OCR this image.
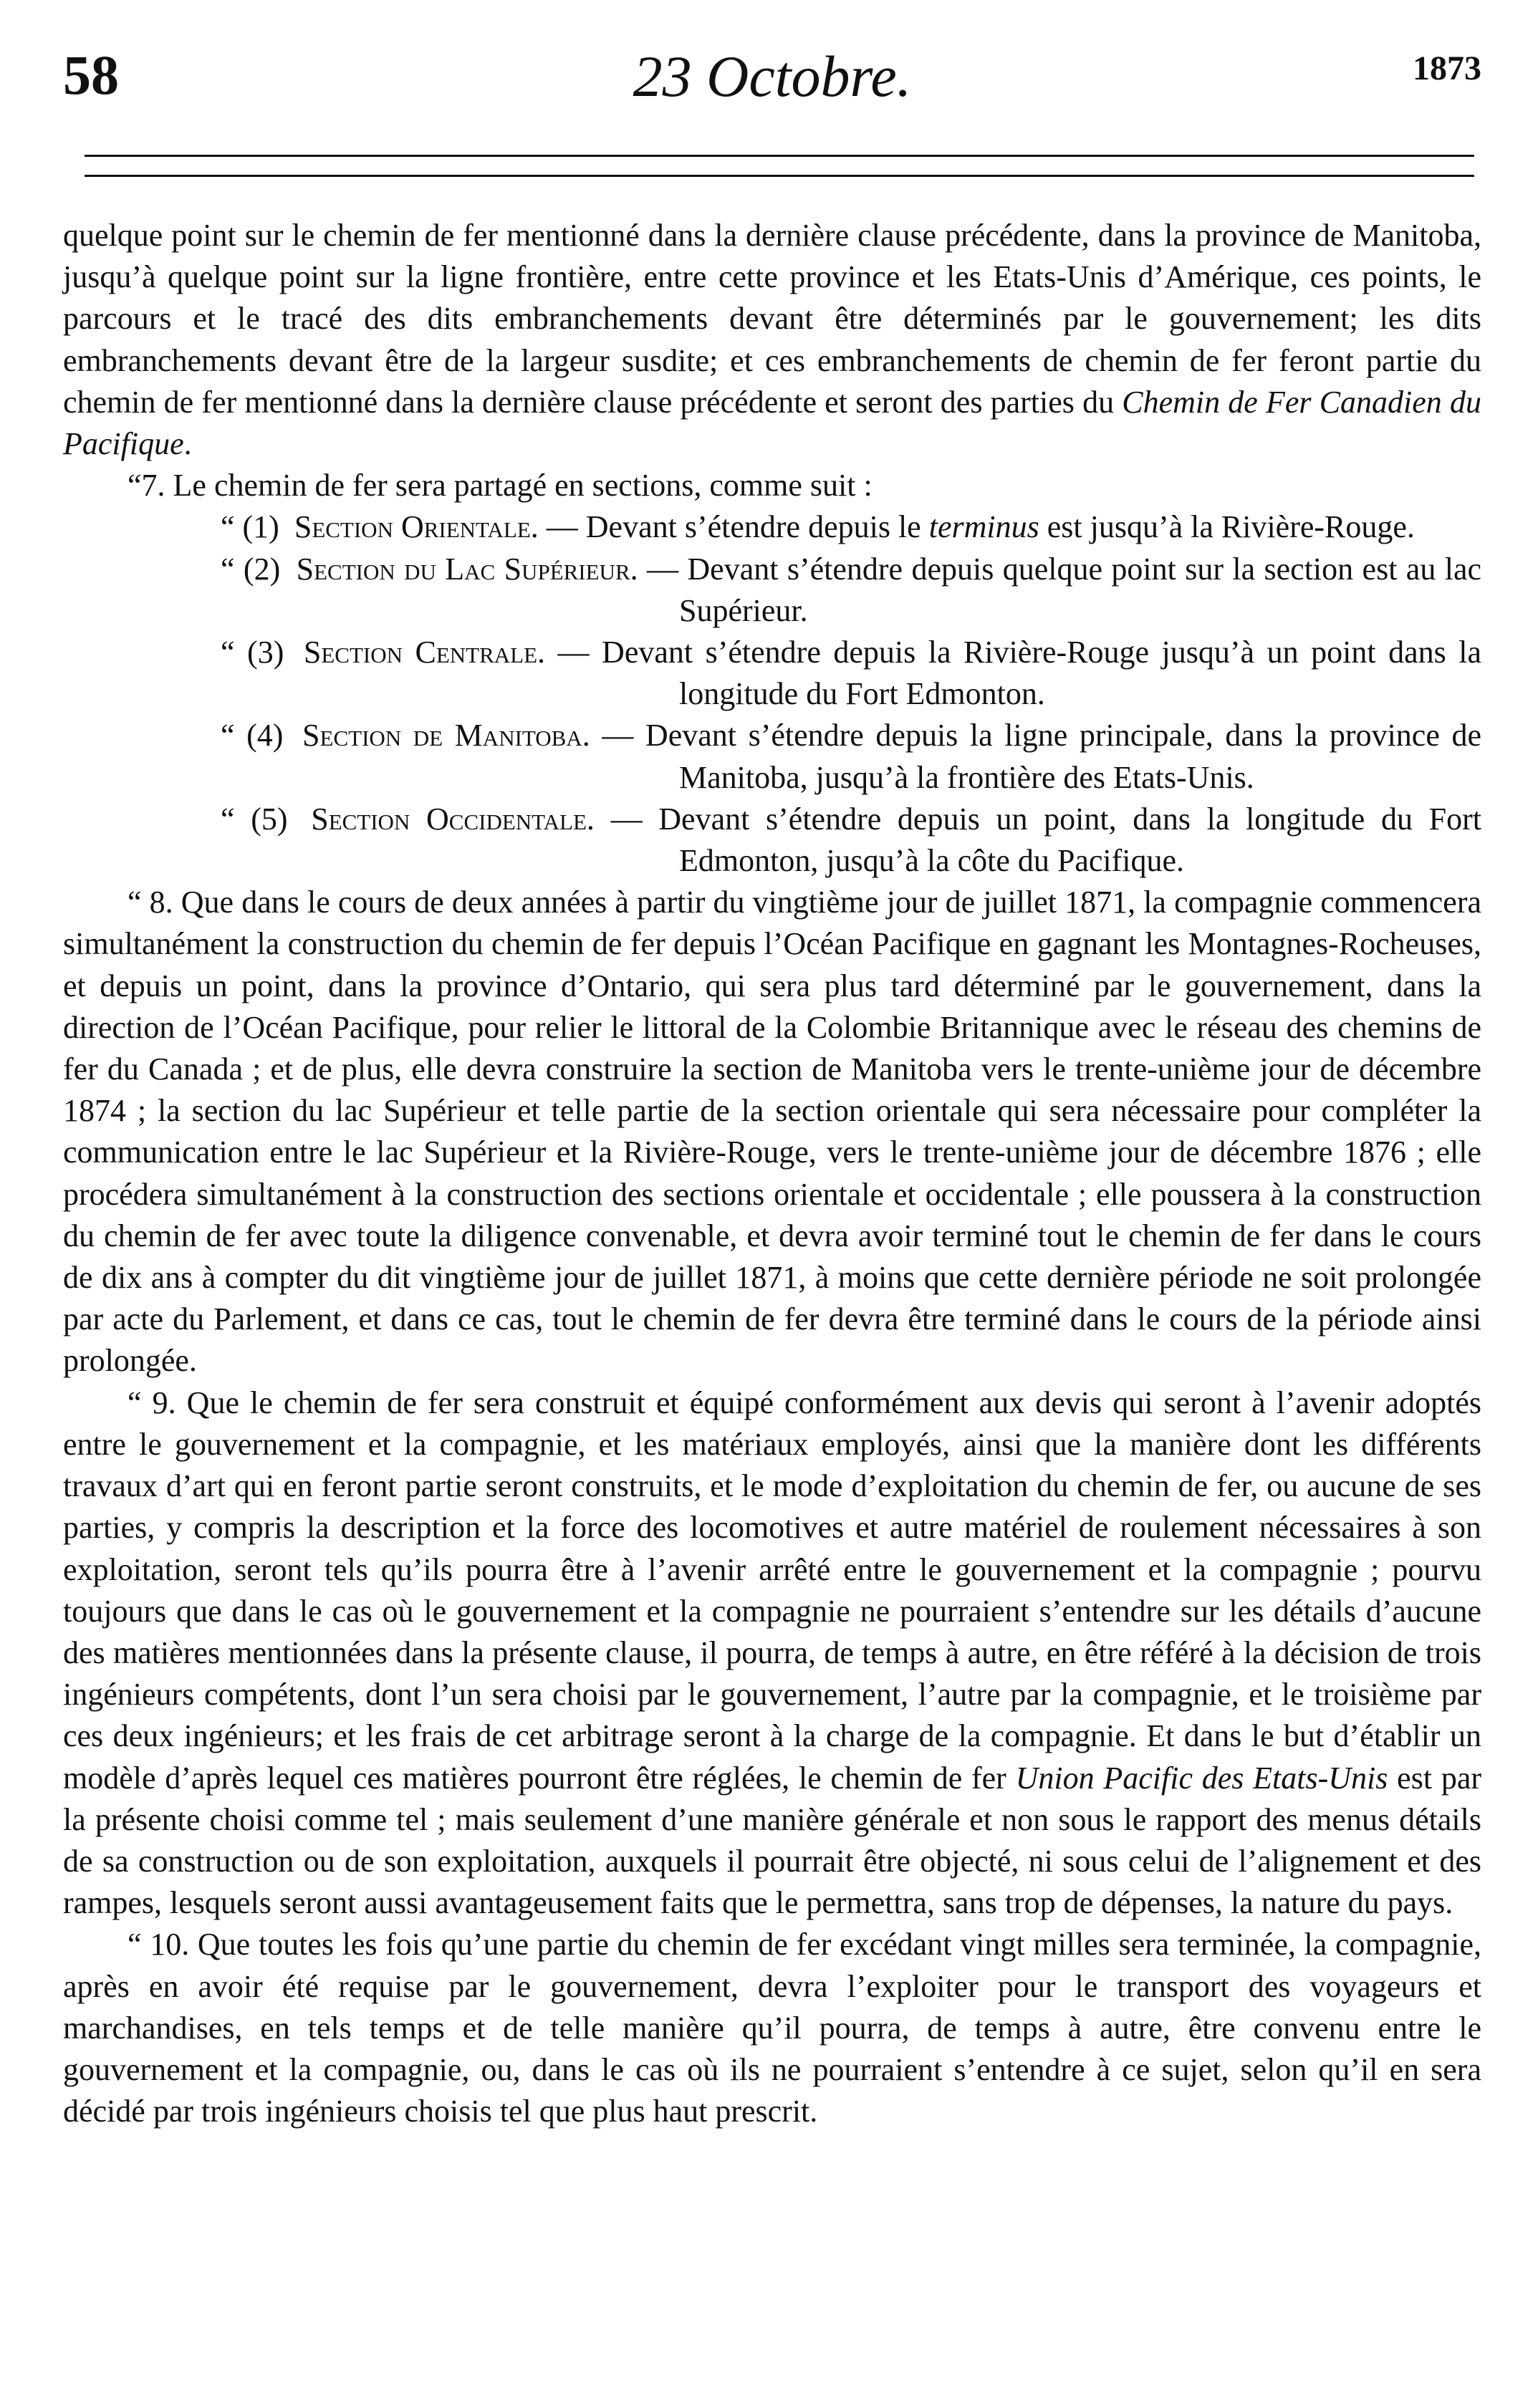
58	23 Octobre.	1873

quelque point sur le chemin de fer mentionné dans la dernière clause précédente, dans la province de Manitoba, jusqu’à quelque point sur la ligne frontière, entre cette province et les Etats-Unis d’Amérique, ces points, le parcours et le tracé des dits embranchements devant être déterminés par le gouvernement; les dits embranchements devant être de la largeur susdite; et ces embranchements de chemin de fer feront partie du chemin de fer mentionné dans la dernière clause précédente et seront des parties du Chemin de Fer Canadien du Pacifique.

“7. Le chemin de fer sera partagé en sections, comme suit :

“ (1) Section Orientale. — Devant s’étendre depuis le terminus est jusqu’à la Rivière-Rouge.

“ (2) Section du Lac Supérieur. — Devant s’étendre depuis quelque point sur la section est au lac Supérieur.

“ (3) Section Centrale. — Devant s’étendre depuis la Rivière-Rouge jusqu’à un point dans la longitude du Fort Edmonton.

“ (4) Section de Manitoba. — Devant s’étendre depuis la ligne principale, dans la province de Manitoba, jusqu’à la frontière des Etats-Unis.

“ (5) Section Occidentale. — Devant s’étendre depuis un point, dans la longitude du Fort Edmonton, jusqu’à la côte du Pacifique.

“ 8. Que dans le cours de deux années à partir du vingtième jour de juillet 1871, la compagnie commencera simultanément la construction du chemin de fer depuis l’Océan Pacifique en gagnant les Montagnes-Rocheuses, et depuis un point, dans la province d’Ontario, qui sera plus tard déterminé par le gouvernement, dans la direction de l’Océan Pacifique, pour relier le littoral de la Colombie Britannique avec le réseau des chemins de fer du Canada ; et de plus, elle devra construire la section de Manitoba vers le trente-unième jour de décembre 1874 ; la section du lac Supérieur et telle partie de la section orientale qui sera nécessaire pour compléter la communication entre le lac Supérieur et la Rivière-Rouge, vers le trente-unième jour de décembre 1876 ; elle procédera simultanément à la construction des sections orientale et occidentale ; elle poussera à la construction du chemin de fer avec toute la diligence convenable, et devra avoir terminé tout le chemin de fer dans le cours de dix ans à compter du dit vingtième jour de juillet 1871, à moins que cette dernière période ne soit prolongée par acte du Parlement, et dans ce cas, tout le chemin de fer devra être terminé dans le cours de la période ainsi prolongée.

“ 9. Que le chemin de fer sera construit et équipé conformément aux devis qui seront à l’avenir adoptés entre le gouvernement et la compagnie, et les matériaux employés, ainsi que la manière dont les différents travaux d’art qui en feront partie seront construits, et le mode d’exploitation du chemin de fer, ou aucune de ses parties, y compris la description et la force des locomotives et autre matériel de roulement nécessaires à son exploitation, seront tels qu’ils pourra être à l’avenir arrêté entre le gouvernement et la compagnie ; pourvu toujours que dans le cas où le gouvernement et la compagnie ne pourraient s’entendre sur les détails d’aucune des matières mentionnées dans la présente clause, il pourra, de temps à autre, en être référé à la décision de trois ingénieurs compétents, dont l’un sera choisi par le gouvernement, l’autre par la compagnie, et le troisième par ces deux ingénieurs; et les frais de cet arbitrage seront à la charge de la compagnie. Et dans le but d’établir un modèle d’après lequel ces matières pourront être réglées, le chemin de fer Union Pacific des Etats-Unis est par la présente choisi comme tel ; mais seulement d’une manière générale et non sous le rapport des menus détails de sa construction ou de son exploitation, auxquels il pourrait être objecté, ni sous celui de l’alignement et des rampes, lesquels seront aussi avantageusement faits que le permettra, sans trop de dépenses, la nature du pays.

“ 10. Que toutes les fois qu’une partie du chemin de fer excédant vingt milles sera terminée, la compagnie, après en avoir été requise par le gouvernement, devra l’exploiter pour le transport des voyageurs et marchandises, en tels temps et de telle manière qu’il pourra, de temps à autre, être convenu entre le gouvernement et la compagnie, ou, dans le cas où ils ne pourraient s’entendre à ce sujet, selon qu’il en sera décidé par trois ingénieurs choisis tel que plus haut prescrit.
